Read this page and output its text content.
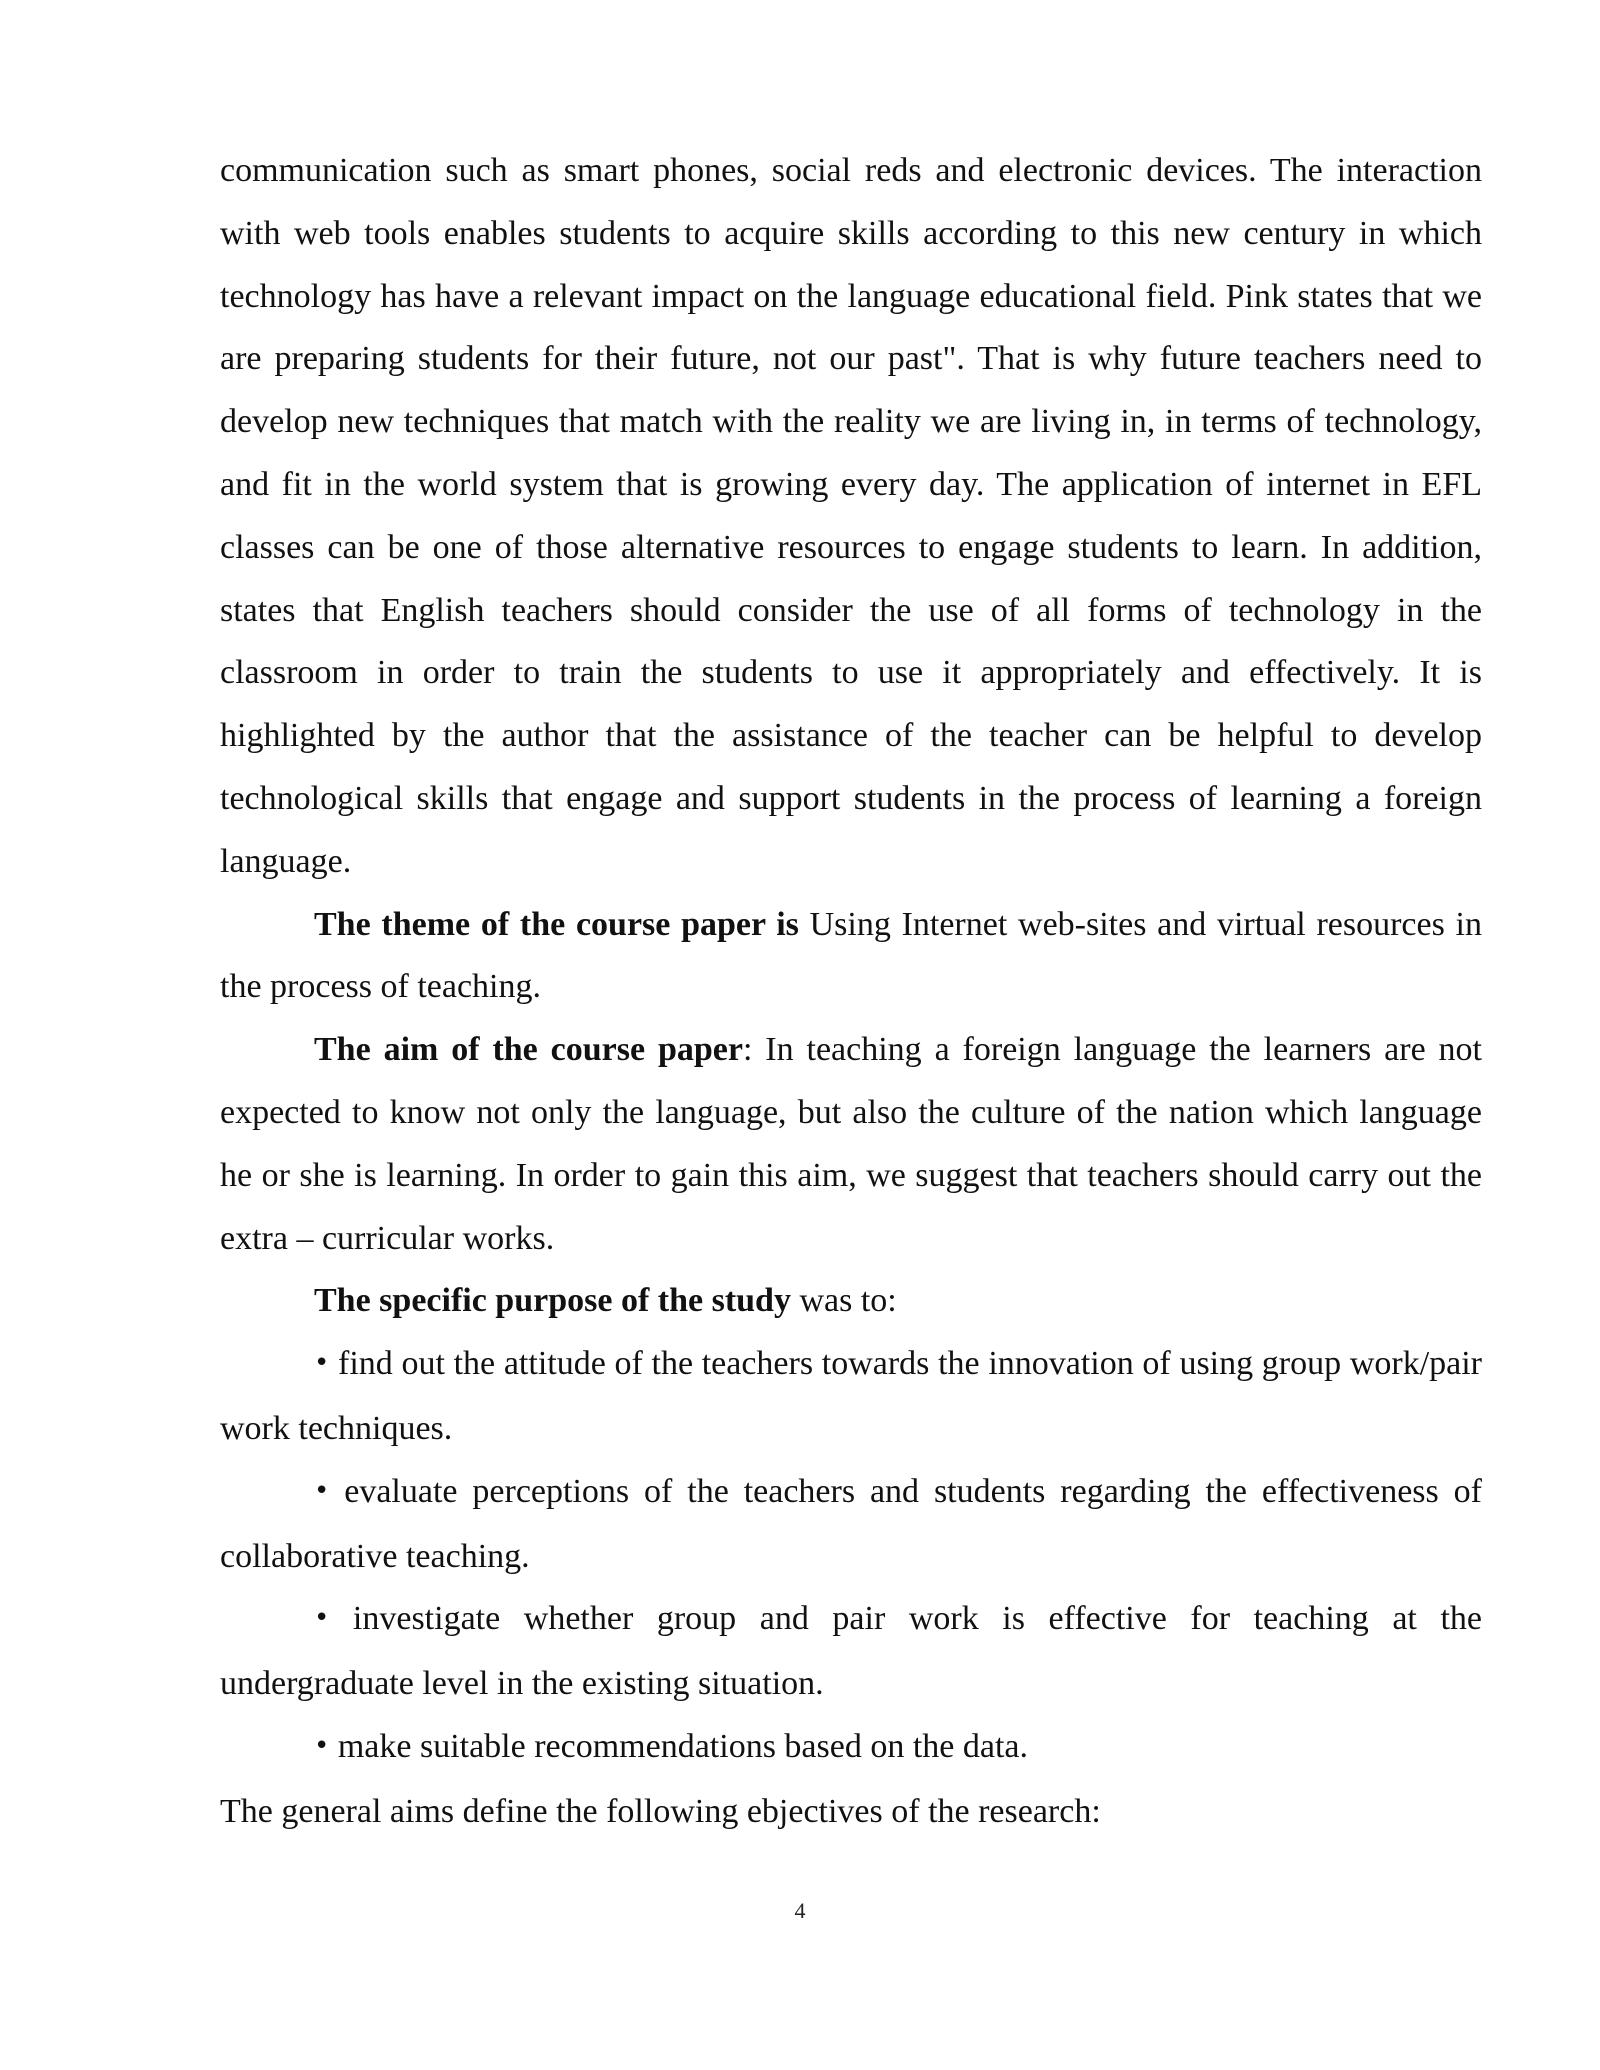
communication such as smart phones, social reds and electronic devices. The interaction with web tools enables students to acquire skills according to this new century in which technology has have a relevant impact on the language educational field. Pink states that we are preparing students for their future, not our past". That is why future teachers need to develop new techniques that match with the reality we are living in, in terms of technology, and fit in the world system that is growing every day. The application of internet in EFL classes can be one of those alternative resources to engage students to learn. In addition, states that English teachers should consider the use of all forms of technology in the classroom in order to train the students to use it appropriately and effectively. It is highlighted by the author that the assistance of the teacher can be helpful to develop technological skills that engage and support students in the process of learning a foreign language.

The theme of the course paper is Using Internet web-sites and virtual resources in the process of teaching.

The aim of the course paper: In teaching a foreign language the learners are not expected to know not only the language, but also the culture of the nation which language he or she is learning. In order to gain this aim, we suggest that teachers should carry out the extra – curricular works.

The specific purpose of the study was to:

• find out the attitude of the teachers towards the innovation of using group work/pair work techniques.

• evaluate perceptions of the teachers and students regarding the effectiveness of collaborative teaching.

• investigate whether group and pair work is effective for teaching at the undergraduate level in the existing situation.

• make suitable recommendations based on the data.

The general aims define the following ebjectives of the research:

4
